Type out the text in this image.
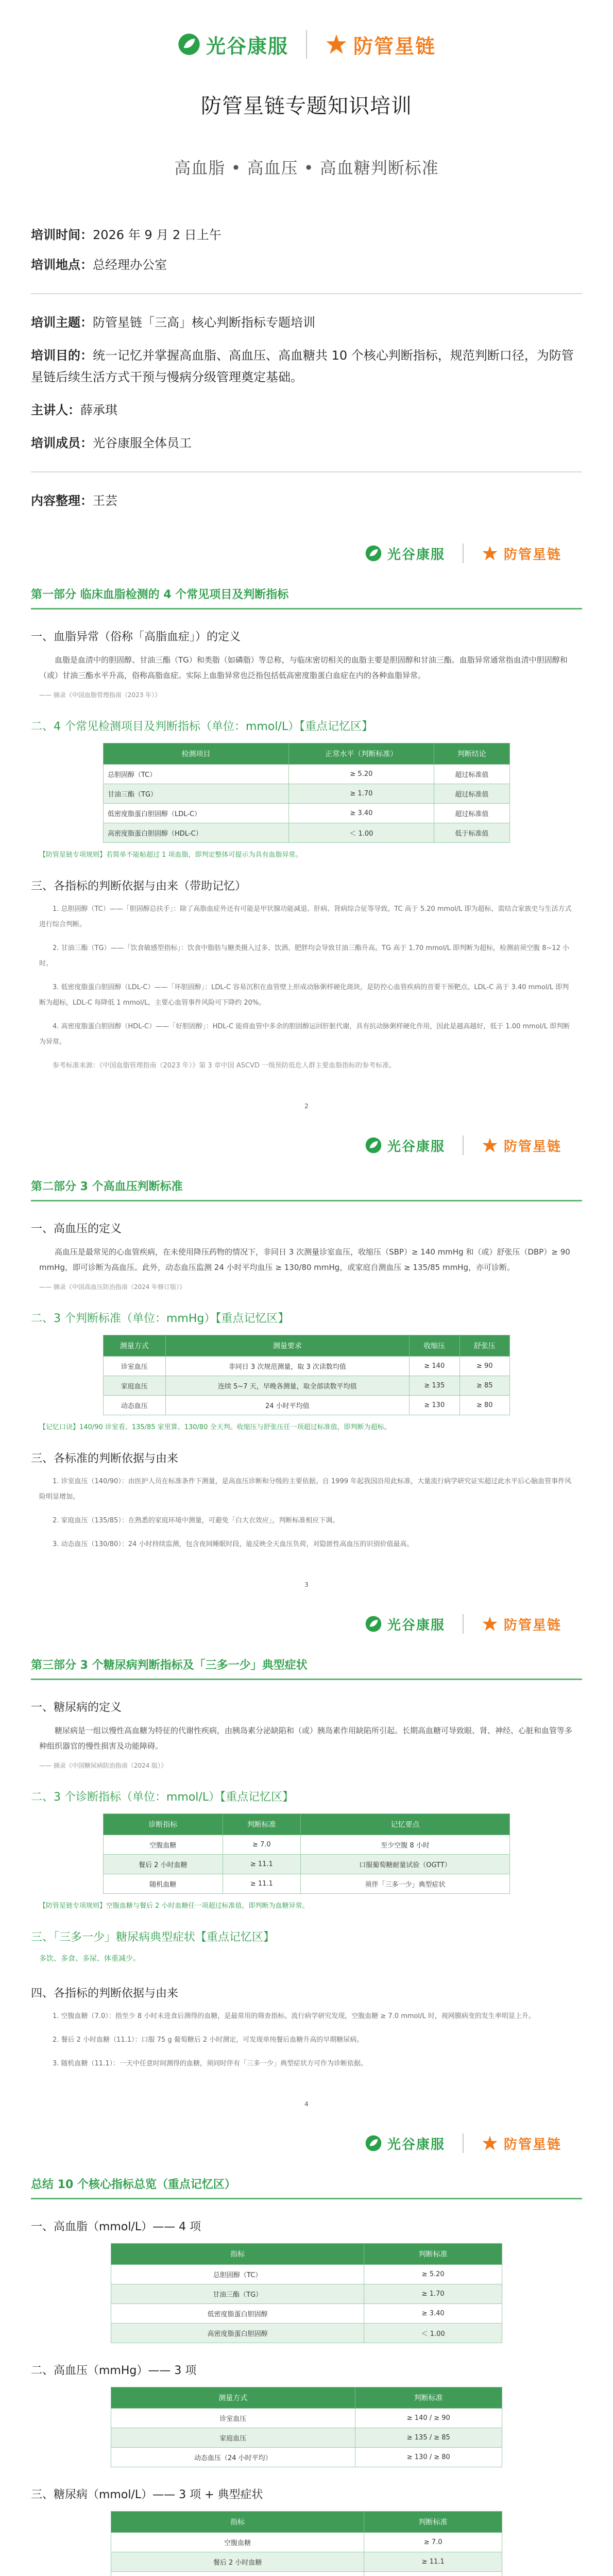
光谷康服	防管星链
防管星链专题知识培训
高血脂 • 高血压 • 高血糖判断标准
培训时间：2026 年 9 月 2 日上午
培训地点：总经理办公室
培训主题：防管星链「三高」核心判断指标专题培训
培训目的：统一记忆并掌握高血脂、高血压、高血糖共 10 个核心判断指标，规范判断口径，为防管星链后续生活方式干预与慢病分级管理奠定基础。
主讲人：薛承琪
培训成员：光谷康服全体员工
内容整理：王芸
光谷康服	防管星链
第一部分 临床血脂检测的 4 个常见项目及判断指标
一、血脂异常（俗称「高脂血症」）的定义
血脂是血清中的胆固醇、甘油三酯（TG）和类脂（如磷脂）等总称，与临床密切相关的血脂主要是胆固醇和甘油三酯。血脂异常通常指血清中胆固醇和（或）甘油三酯水平升高，俗称高脂血症。实际上血脂异常也泛指包括低高密度脂蛋白血症在内的各种血脂异常。
—— 摘录《中国血脂管理指南（2023 年）》
二、4 个常见检测项目及判断指标（单位：mmol/L）【重点记忆区】
检测项目	正常水平（判断标准）	判断结论
总胆固醇（TC）	≥ 5.20	超过标准值
甘油三酯（TG）	≥ 1.70	超过标准值
低密度脂蛋白胆固醇（LDL-C）	≥ 3.40	超过标准值
高密度脂蛋白胆固醇（HDL-C）	＜ 1.00	低于标准值
【防管星链专项规则】若简单不能帖超过 1 项血脂，即判定整体可提示为具有血脂异常。
三、各指标的判断依据与由来（带助记忆）
1. 总胆固醇（TC）——「胆固醇总扶手」：除了高脂血症外还有可能是甲状腺功能减退、肝病、肾病综合征等导致。TC 高于 5.20 mmol/L 即为超标，需结合家族史与生活方式进行综合判断。
2. 甘油三酯（TG）——「饮食敏感型指标」：饮食中脂肪与糖类摄入过多、饮酒、肥胖均会导致甘油三酯升高。TG 高于 1.70 mmol/L 即判断为超标，检测前须空腹 8~12 小时。
3. 低密度脂蛋白胆固醇（LDL-C）——「坏胆固醇」：LDL-C 容易沉积在血管壁上形成动脉粥样硬化斑块，是防控心血管疾病的首要干预靶点。LDL-C 高于 3.40 mmol/L 即判断为超标，LDL-C 每降低 1 mmol/L，主要心血管事件风险可下降约 20%。
4. 高密度脂蛋白胆固醇（HDL-C）——「好胆固醇」：HDL-C 能将血管中多余的胆固醇运回肝脏代谢，具有抗动脉粥样硬化作用，因此是越高越好，低于 1.00 mmol/L 即判断为异常。
参考标准来源：《中国血脂管理指南（2023 年）》第 3 章中国 ASCVD 一级预防低危人群主要血脂指标的参考标准。
2
光谷康服	防管星链
第二部分 3 个高血压判断标准
一、高血压的定义
高血压是最常见的心血管疾病，在未使用降压药物的情况下，非同日 3 次测量诊室血压，收缩压（SBP）≥ 140 mmHg 和（或）舒张压（DBP）≥ 90 mmHg，即可诊断为高血压。此外，动态血压监测 24 小时平均血压 ≥ 130/80 mmHg，或家庭自测血压 ≥ 135/85 mmHg，亦可诊断。
—— 摘录《中国高血压防治指南（2024 年修订版）》
二、3 个判断标准（单位：mmHg）【重点记忆区】
测量方式	测量要求	收缩压	舒张压
诊室血压	非同日 3 次规范测量，取 3 次读数均值	≥ 140	≥ 90
家庭血压	连续 5~7 天，早晚各测量，取全部读数平均值	≥ 135	≥ 85
动态血压	24 小时平均值	≥ 130	≥ 80
【记忆口诀】140/90 诊室看、135/85 家里算、130/80 全天判。收缩压与舒张压任一项超过标准值，即判断为超标。
三、各标准的判断依据与由来
1. 诊室血压（140/90）：由医护人员在标准条件下测量，是高血压诊断和分级的主要依据。自 1999 年起我国沿用此标准，大量流行病学研究证实超过此水平后心脑血管事件风险明显增加。
2. 家庭血压（135/85）：在熟悉的家庭环境中测量，可避免「白大衣效应」，判断标准相应下调。
3. 动态血压（130/80）：24 小时持续监测，包含夜间睡眠时段，能反映全天血压负荷，对隐匿性高血压的识别价值最高。
3
光谷康服	防管星链
第三部分 3 个糖尿病判断指标及「三多一少」典型症状
一、糖尿病的定义
糖尿病是一组以慢性高血糖为特征的代谢性疾病，由胰岛素分泌缺陷和（或）胰岛素作用缺陷所引起。长期高血糖可导致眼、肾、神经、心脏和血管等多种组织器官的慢性损害及功能障碍。
—— 摘录《中国糖尿病防治指南（2024 版）》
二、3 个诊断指标（单位：mmol/L）【重点记忆区】
诊断指标	判断标准	记忆要点
空腹血糖	≥ 7.0	至少空腹 8 小时
餐后 2 小时血糖	≥ 11.1	口服葡萄糖耐量试验（OGTT）
随机血糖	≥ 11.1	须伴「三多一少」典型症状
【防管星链专项规则】空腹血糖与餐后 2 小时血糖任一项超过标准值，即判断为血糖异常。
三、「三多一少」糖尿病典型症状【重点记忆区】
多饮、多食、多尿、体重减少。
四、各指标的判断依据与由来
1. 空腹血糖（7.0）：指至少 8 小时未进食后测得的血糖，是最常用的筛查指标。流行病学研究发现，空腹血糖 ≥ 7.0 mmol/L 时，视网膜病变的发生率明显上升。
2. 餐后 2 小时血糖（11.1）：口服 75 g 葡萄糖后 2 小时测定，可发现单纯餐后血糖升高的早期糖尿病。
3. 随机血糖（11.1）：一天中任意时间测得的血糖，须同时伴有「三多一少」典型症状方可作为诊断依据。
4
光谷康服	防管星链
总结 10 个核心指标总览（重点记忆区）
一、高血脂（mmol/L）—— 4 项
指标	判断标准
总胆固醇（TC）	≥ 5.20
甘油三酯（TG）	≥ 1.70
低密度脂蛋白胆固醇	≥ 3.40
高密度脂蛋白胆固醇	＜ 1.00
二、高血压（mmHg）—— 3 项
测量方式	判断标准
诊室血压	≥ 140 / ≥ 90
家庭血压	≥ 135 / ≥ 85
动态血压（24 小时平均）	≥ 130 / ≥ 80
三、糖尿病（mmol/L）—— 3 项 + 典型症状
指标	判断标准
空腹血糖	≥ 7.0
餐后 2 小时血糖	≥ 11.1
